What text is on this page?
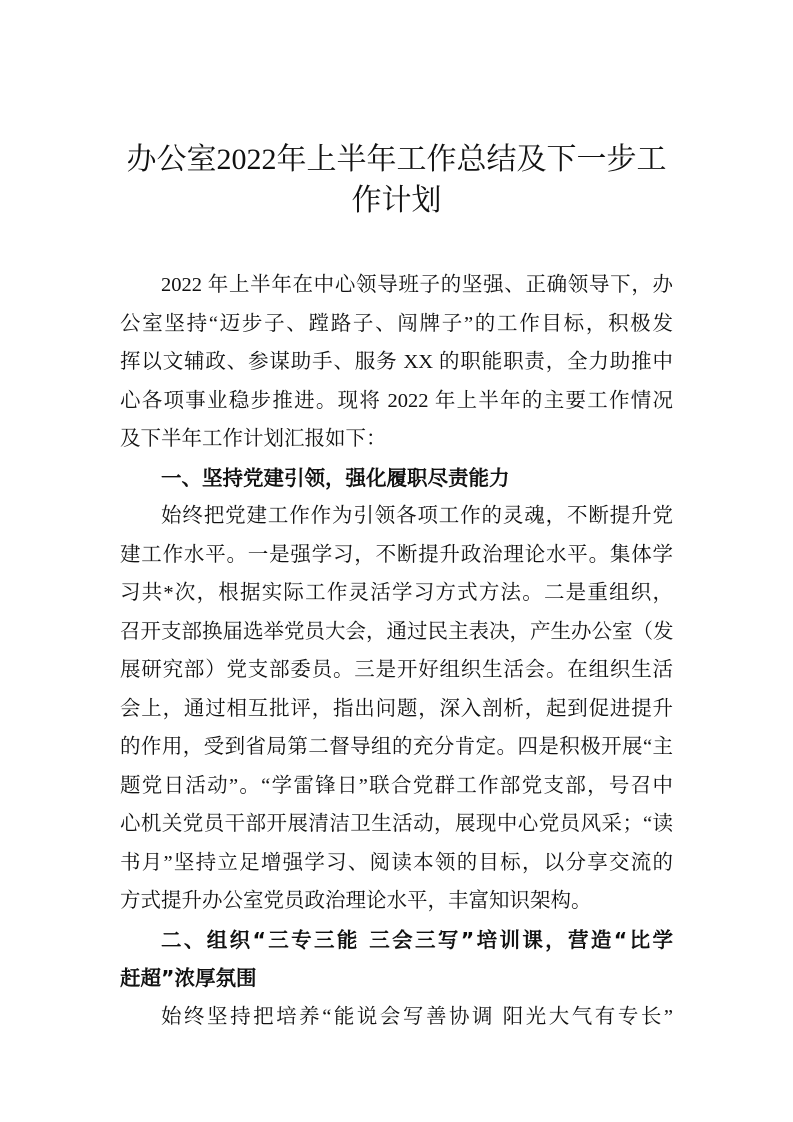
办公室2022年上半年工作总结及下一步工
作计划
2022 年上半年在中心领导班子的坚强、正确领导下，办
公室坚持“迈步子、蹚路子、闯牌子”的工作目标，积极发
挥以文辅政、参谋助手、服务 XX 的职能职责，全力助推中
心各项事业稳步推进。现将 2022 年上半年的主要工作情况
及下半年工作计划汇报如下：
一、坚持党建引领，强化履职尽责能力
始终把党建工作作为引领各项工作的灵魂，不断提升党
建工作水平。一是强学习，不断提升政治理论水平。集体学
习共*次，根据实际工作灵活学习方式方法。二是重组织，
召开支部换届选举党员大会，通过民主表决，产生办公室（发
展研究部）党支部委员。三是开好组织生活会。在组织生活
会上，通过相互批评，指出问题，深入剖析，起到促进提升
的作用，受到省局第二督导组的充分肯定。四是积极开展“主
题党日活动”。“学雷锋日”联合党群工作部党支部，号召中
心机关党员干部开展清洁卫生活动，展现中心党员风采；“读
书月”坚持立足增强学习、阅读本领的目标，以分享交流的
方式提升办公室党员政治理论水平，丰富知识架构。
二、组织“三专三能 三会三写”培训课，营造“比学
赶超”浓厚氛围
始终坚持把培养“能说会写善协调 阳光大气有专长”
